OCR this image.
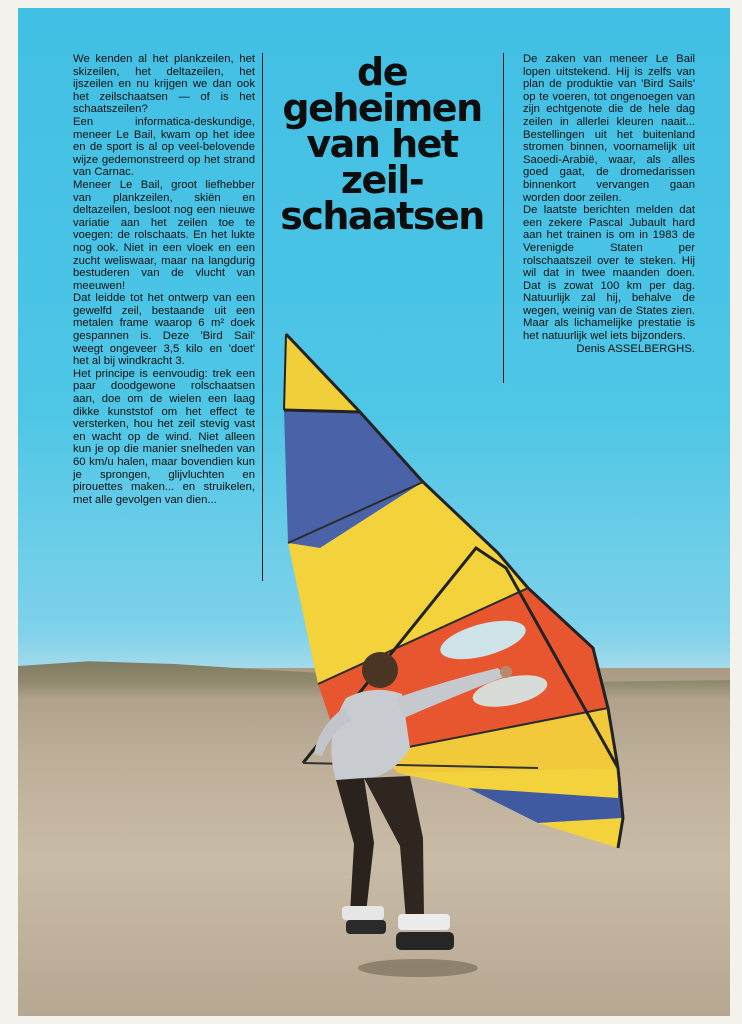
We kenden al het plankzeilen, het skizeilen, het deltazeilen, het ijszeilen en nu krijgen we dan ook het zeilschaatsen — of is het schaatszeilen?

Een informatica-deskundige, meneer Le Bail, kwam op het idee en de sport is al op veel-belovende wijze gedemonstreerd op het strand van Carnac.

Meneer Le Bail, groot liefhebber van plankzeilen, skiën en deltazeilen, besloot nog een nieuwe variatie aan het zeilen toe te voegen: de rolschaats. En het lukte nog ook. Niet in een vloek en een zucht weliswaar, maar na langdurig bestuderen van de vlucht van meeuwen!

Dat leidde tot het ontwerp van een gewelfd zeil, bestaande uit een metalen frame waarop 6 m² doek gespannen is. Deze 'Bird Sail' weegt ongeveer 3,5 kilo en 'doet' het al bij windkracht 3.

Het principe is eenvoudig: trek een paar doodgewone rolschaatsen aan, doe om de wielen een laag dikke kunststof om het effect te versterken, hou het zeil stevig vast en wacht op de wind. Niet alleen kun je op die manier snelheden van 60 km/u halen, maar bovendien kun je sprongen, glijvluchten en pirouettes maken... en struikelen, met alle gevolgen van dien...

de
geheimen
van het
zeil-
schaatsen

De zaken van meneer Le Bail lopen uitstekend. Hij is zelfs van plan de produktie van 'Bird Sails' op te voeren, tot ongenoegen van zijn echtgenote die de hele dag zeilen in allerlei kleuren naait... Bestellingen uit het buitenland stromen binnen, voornamelijk uit Saoedi-Arabië, waar, als alles goed gaat, de dromedarissen binnenkort vervangen gaan worden door zeilen.

De laatste berichten melden dat een zekere Pascal Jubault hard aan het trainen is om in 1983 de Verenigde Staten per rolschaatszeil over te steken. Hij wil dat in twee maanden doen. Dat is zowat 100 km per dag. Natuurlijk zal hij, behalve de wegen, weinig van de States zien. Maar als lichamelijke prestatie is het natuurlijk wel iets bijzonders.

Denis ASSELBERGHS.
